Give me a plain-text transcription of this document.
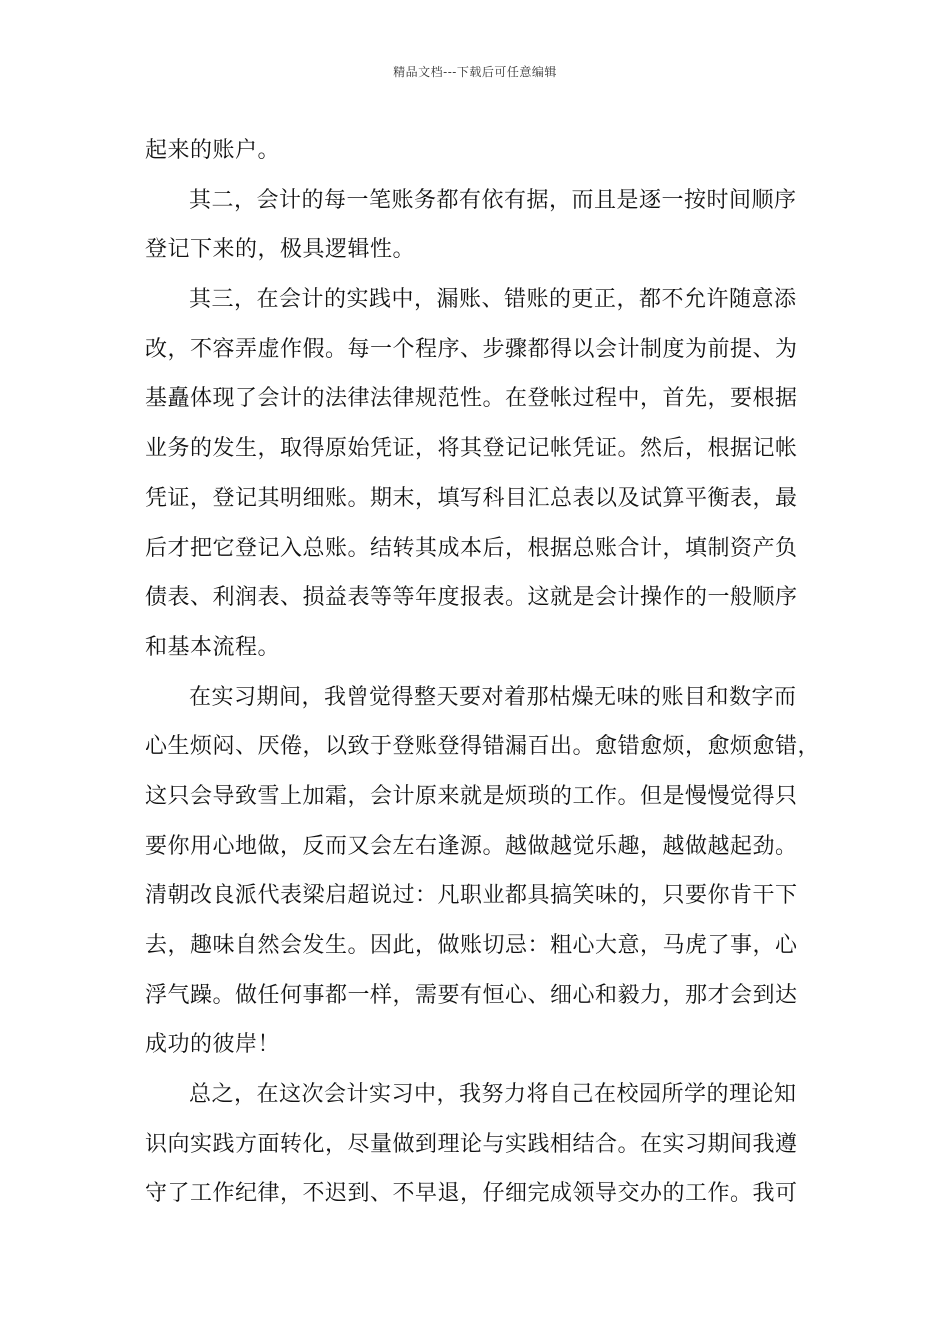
精品文档---下载后可任意编辑
起来的账户。
其二，会计的每一笔账务都有依有据，而且是逐一按时间顺序
登记下来的，极具逻辑性。
其三，在会计的实践中，漏账、错账的更正，都不允许随意添
改，不容弄虚作假。每一个程序、步骤都得以会计制度为前提、为
基矗体现了会计的法律法律规范性。在登帐过程中，首先，要根据
业务的发生，取得原始凭证，将其登记记帐凭证。然后，根据记帐
凭证，登记其明细账。期末，填写科目汇总表以及试算平衡表，最
后才把它登记入总账。结转其成本后，根据总账合计，填制资产负
债表、利润表、损益表等等年度报表。这就是会计操作的一般顺序
和基本流程。
在实习期间，我曾觉得整天要对着那枯燥无味的账目和数字而
心生烦闷、厌倦，以致于登账登得错漏百出。愈错愈烦，愈烦愈错，
这只会导致雪上加霜，会计原来就是烦琐的工作。但是慢慢觉得只
要你用心地做，反而又会左右逢源。越做越觉乐趣，越做越起劲。
清朝改良派代表梁启超说过：凡职业都具搞笑味的，只要你肯干下
去，趣味自然会发生。因此，做账切忌：粗心大意，马虎了事，心
浮气躁。做任何事都一样，需要有恒心、细心和毅力，那才会到达
成功的彼岸！
总之，在这次会计实习中，我努力将自己在校园所学的理论知
识向实践方面转化，尽量做到理论与实践相结合。在实习期间我遵
守了工作纪律，不迟到、不早退，仔细完成领导交办的工作。我可
